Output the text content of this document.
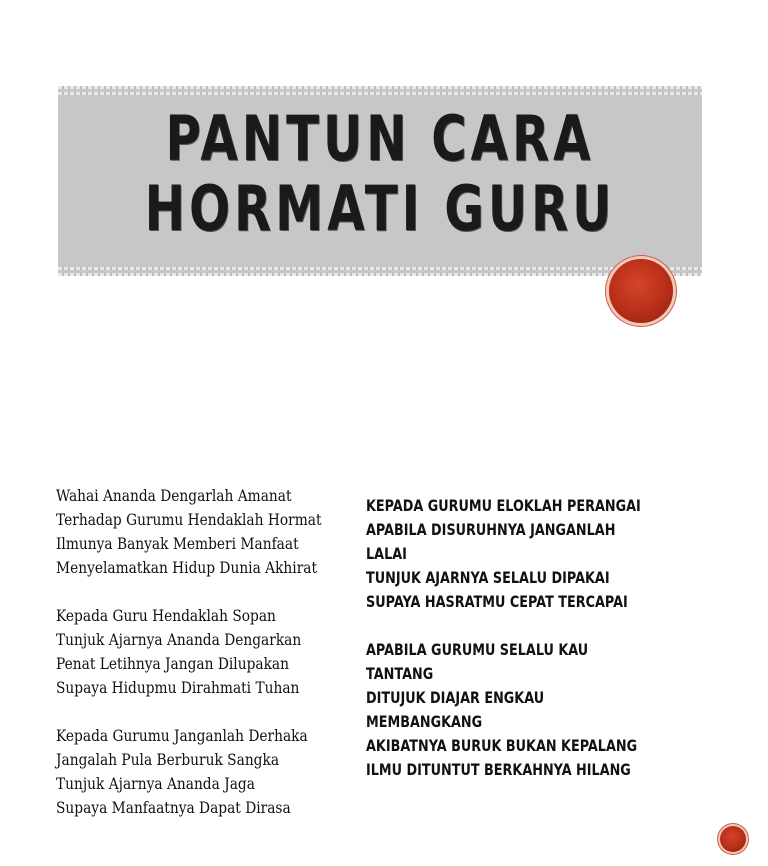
PANTUN CARA
HORMATI GURU
Wahai Ananda Dengarlah Amanat
Terhadap Gurumu Hendaklah Hormat
Ilmunya Banyak Memberi Manfaat
Menyelamatkan Hidup Dunia Akhirat
Kepada Guru Hendaklah Sopan
Tunjuk Ajarnya Ananda Dengarkan
Penat Letihnya Jangan Dilupakan
Supaya Hidupmu Dirahmati Tuhan
Kepada Gurumu Janganlah Derhaka
Jangalah Pula Berburuk Sangka
Tunjuk Ajarnya Ananda Jaga
Supaya Manfaatnya Dapat Dirasa
KEPADA GURUMU ELOKLAH PERANGAI
APABILA DISURUHNYA JANGANLAH
LALAI
TUNJUK AJARNYA SELALU DIPAKAI
SUPAYA HASRATMU CEPAT TERCAPAI
APABILA GURUMU SELALU KAU
TANTANG
DITUJUK DIAJAR ENGKAU
MEMBANGKANG
AKIBATNYA BURUK BUKAN KEPALANG
ILMU DITUNTUT BERKAHNYA HILANG
